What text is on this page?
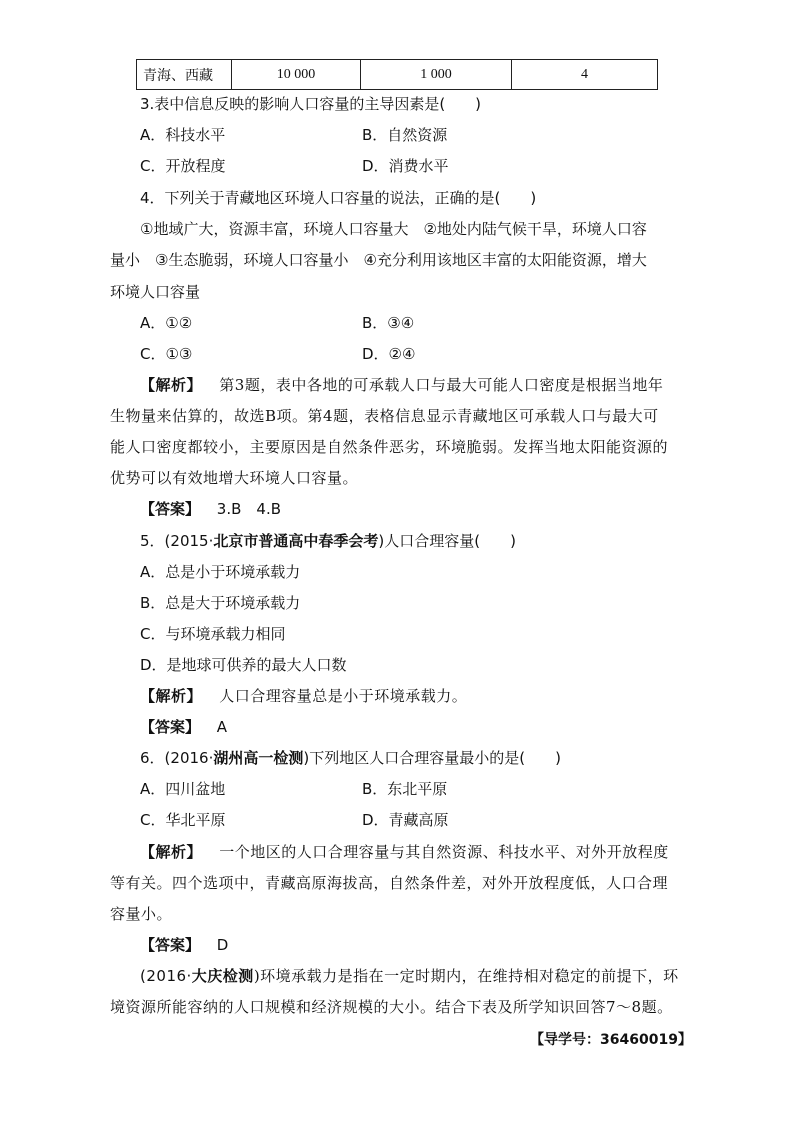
青海、西藏	10 000	1 000	4
3.表中信息反映的影响人口容量的主导因素是(　　)
A．科技水平	B．自然资源
C．开放程度	D．消费水平
4．下列关于青藏地区环境人口容量的说法，正确的是(　　)
①地域广大，资源丰富，环境人口容量大　②地处内陆气候干旱，环境人口容
量小　③生态脆弱，环境人口容量小　④充分利用该地区丰富的太阳能资源，增大
环境人口容量
A．①②	B．③④
C．①③	D．②④
【解析】 第3题，表中各地的可承载人口与最大可能人口密度是根据当地年
生物量来估算的，故选B项。第4题，表格信息显示青藏地区可承载人口与最大可
能人口密度都较小，主要原因是自然条件恶劣，环境脆弱。发挥当地太阳能资源的
优势可以有效地增大环境人口容量。
【答案】 3.B　4.B
5．(2015·北京市普通高中春季会考)人口合理容量(　　)
A．总是小于环境承载力
B．总是大于环境承载力
C．与环境承载力相同
D．是地球可供养的最大人口数
【解析】 人口合理容量总是小于环境承载力。
【答案】 A
6．(2016·湖州高一检测)下列地区人口合理容量最小的是(　　)
A．四川盆地	B．东北平原
C．华北平原	D．青藏高原
【解析】 一个地区的人口合理容量与其自然资源、科技水平、对外开放程度
等有关。四个选项中，青藏高原海拔高，自然条件差，对外开放程度低，人口合理
容量小。
【答案】 D
(2016·大庆检测)环境承载力是指在一定时期内，在维持相对稳定的前提下，环
境资源所能容纳的人口规模和经济规模的大小。结合下表及所学知识回答7～8题。
【导学号：36460019】
